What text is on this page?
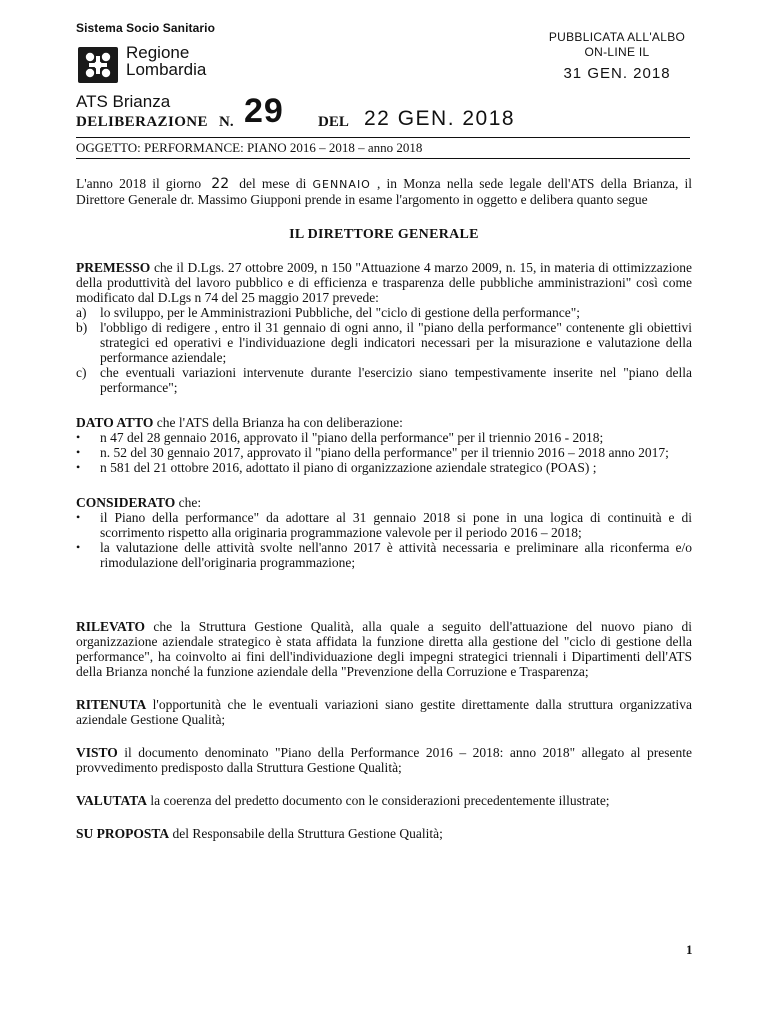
Sistema Socio Sanitario
Regione
Lombardia
ATS Brianza
DELIBERAZIONE N. 29 DEL 22 GEN. 2018
OGGETTO: PERFORMANCE: PIANO 2016 – 2018 – anno 2018
PUBBLICATA ALL'ALBO
ON-LINE IL
31 GEN. 2018

L'anno 2018 il giorno 22 del mese di GENNAIO , in Monza nella sede legale dell'ATS della Brianza, il Direttore Generale dr. Massimo Giupponi prende in esame l'argomento in oggetto e delibera quanto segue

IL DIRETTORE GENERALE

PREMESSO che il D.Lgs. 27 ottobre 2009, n 150 "Attuazione 4 marzo 2009, n. 15, in materia di ottimizzazione della produttività del lavoro pubblico e di efficienza e trasparenza delle pubbliche amministrazioni" così come modificato dal D.Lgs n 74 del 25 maggio 2017 prevede:

a) lo sviluppo, per le Amministrazioni Pubbliche, del "ciclo di gestione della performance";
b) l'obbligo di redigere , entro il 31 gennaio di ogni anno, il "piano della performance" contenente gli obiettivi strategici ed operativi e l'individuazione degli indicatori necessari per la misurazione e valutazione della performance aziendale;
c) che eventuali variazioni intervenute durante l'esercizio siano tempestivamente inserite nel "piano della performance";

DATO ATTO che l'ATS della Brianza ha con deliberazione:

• n 47 del 28 gennaio 2016, approvato il "piano della performance" per il triennio 2016 - 2018;
• n. 52 del 30 gennaio 2017, approvato il "piano della performance" per il triennio 2016 – 2018 anno 2017;
• n 581 del 21 ottobre 2016, adottato il piano di organizzazione aziendale strategico (POAS) ;

CONSIDERATO che:

• il Piano della performance" da adottare al 31 gennaio 2018 si pone in una logica di continuità e di scorrimento rispetto alla originaria programmazione valevole per il periodo 2016 – 2018;
• la valutazione delle attività svolte nell'anno 2017 è attività necessaria e preliminare alla riconferma e/o rimodulazione dell'originaria programmazione;

RILEVATO che la Struttura Gestione Qualità, alla quale a seguito dell'attuazione del nuovo piano di organizzazione aziendale strategico è stata affidata la funzione diretta alla gestione del "ciclo di gestione della performance", ha coinvolto ai fini dell'individuazione degli impegni strategici triennali i Dipartimenti dell'ATS della Brianza nonché la funzione aziendale della "Prevenzione della Corruzione e Trasparenza;

RITENUTA l'opportunità che le eventuali variazioni siano gestite direttamente dalla struttura organizzativa aziendale Gestione Qualità;

VISTO il documento denominato "Piano della Performance 2016 – 2018: anno 2018" allegato al presente provvedimento predisposto dalla Struttura Gestione Qualità;

VALUTATA la coerenza del predetto documento con le considerazioni precedentemente illustrate;

SU PROPOSTA del Responsabile della Struttura Gestione Qualità;

1
